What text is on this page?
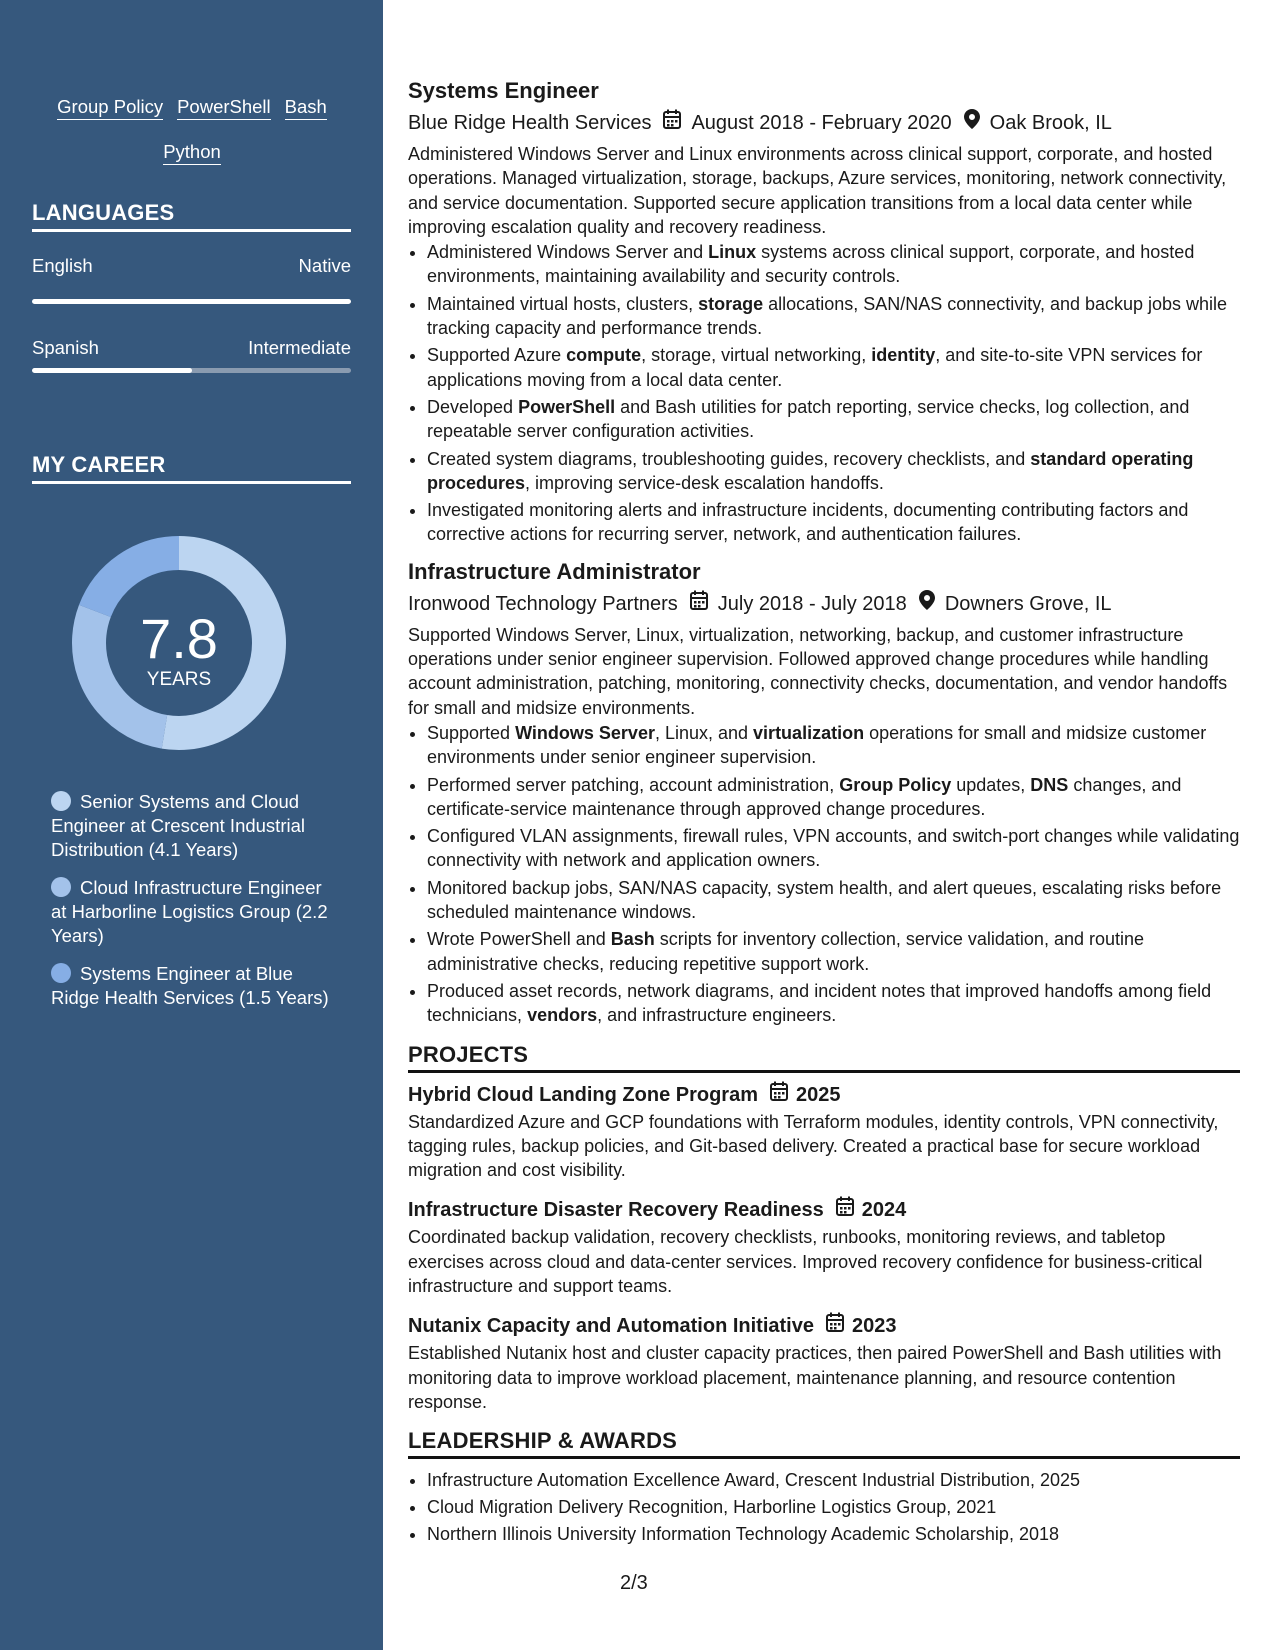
Group Policy PowerShell Bash
Python
LANGUAGES
English	Native
Spanish	Intermediate
MY CAREER
7.8
YEARS
Senior Systems and Cloud Engineer at Crescent Industrial Distribution (4.1 Years)
Cloud Infrastructure Engineer at Harborline Logistics Group (2.2 Years)
Systems Engineer at Blue Ridge Health Services (1.5 Years)
Systems Engineer
Blue Ridge Health Services August 2018 - February 2020 Oak Brook, IL

Administered Windows Server and Linux environments across clinical support, corporate, and hosted operations. Managed virtualization, storage, backups, Azure services, monitoring, network connectivity, and service documentation. Supported secure application transitions from a local data center while improving escalation quality and recovery readiness.

• Administered Windows Server and Linux systems across clinical support, corporate, and hosted environments, maintaining availability and security controls.
• Maintained virtual hosts, clusters, storage allocations, SAN/NAS connectivity, and backup jobs while tracking capacity and performance trends.
• Supported Azure compute, storage, virtual networking, identity, and site-to-site VPN services for applications moving from a local data center.
• Developed PowerShell and Bash utilities for patch reporting, service checks, log collection, and repeatable server configuration activities.
• Created system diagrams, troubleshooting guides, recovery checklists, and standard operating procedures, improving service-desk escalation handoffs.
• Investigated monitoring alerts and infrastructure incidents, documenting contributing factors and corrective actions for recurring server, network, and authentication failures.
Infrastructure Administrator
Ironwood Technology Partners July 2018 - July 2018 Downers Grove, IL

Supported Windows Server, Linux, virtualization, networking, backup, and customer infrastructure operations under senior engineer supervision. Followed approved change procedures while handling account administration, patching, monitoring, connectivity checks, documentation, and vendor handoffs for small and midsize environments.

• Supported Windows Server, Linux, and virtualization operations for small and midsize customer environments under senior engineer supervision.
• Performed server patching, account administration, Group Policy updates, DNS changes, and certificate-service maintenance through approved change procedures.
• Configured VLAN assignments, firewall rules, VPN accounts, and switch-port changes while validating connectivity with network and application owners.
• Monitored backup jobs, SAN/NAS capacity, system health, and alert queues, escalating risks before scheduled maintenance windows.
• Wrote PowerShell and Bash scripts for inventory collection, service validation, and routine administrative checks, reducing repetitive support work.
• Produced asset records, network diagrams, and incident notes that improved handoffs among field technicians, vendors, and infrastructure engineers.
PROJECTS
Hybrid Cloud Landing Zone Program 2025

Standardized Azure and GCP foundations with Terraform modules, identity controls, VPN connectivity, tagging rules, backup policies, and Git-based delivery. Created a practical base for secure workload migration and cost visibility.

Infrastructure Disaster Recovery Readiness 2024

Coordinated backup validation, recovery checklists, runbooks, monitoring reviews, and tabletop exercises across cloud and data-center services. Improved recovery confidence for business-critical infrastructure and support teams.

Nutanix Capacity and Automation Initiative 2023

Established Nutanix host and cluster capacity practices, then paired PowerShell and Bash utilities with monitoring data to improve workload placement, maintenance planning, and resource contention response.

LEADERSHIP & AWARDS
• Infrastructure Automation Excellence Award, Crescent Industrial Distribution, 2025
• Cloud Migration Delivery Recognition, Harborline Logistics Group, 2021
• Northern Illinois University Information Technology Academic Scholarship, 2018
2/3
